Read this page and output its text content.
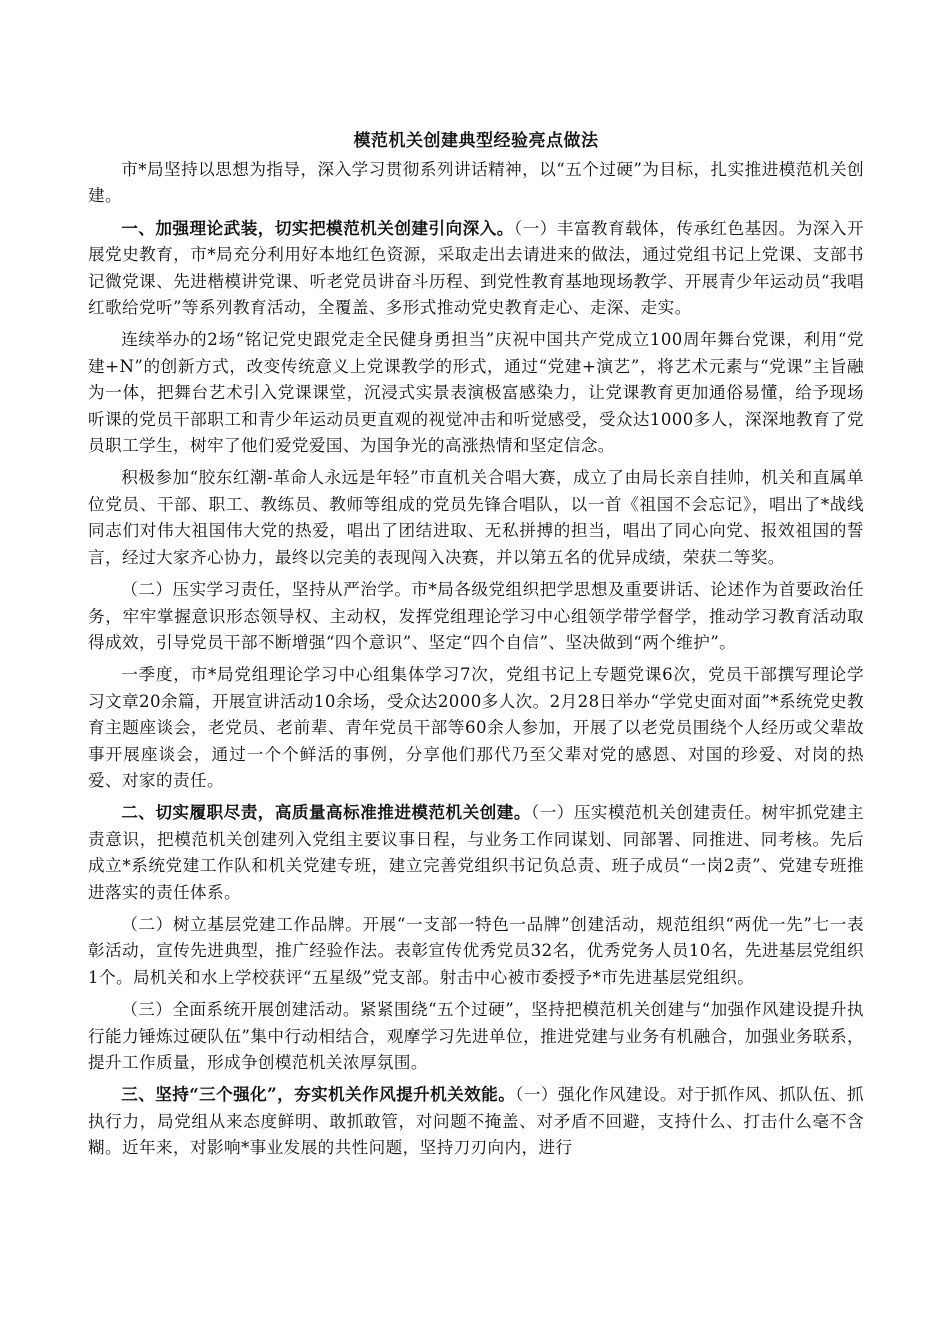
模范机关创建典型经验亮点做法

市*局坚持以思想为指导，深入学习贯彻系列讲话精神，以“五个过硬”为目标，扎实推进模范机关创建。

一、加强理论武装，切实把模范机关创建引向深入。（一）丰富教育载体，传承红色基因。为深入开展党史教育，市*局充分利用好本地红色资源，采取走出去请进来的做法，通过党组书记上党课、支部书记微党课、先进楷模讲党课、听老党员讲奋斗历程、到党性教育基地现场教学、开展青少年运动员“我唱红歌给党听”等系列教育活动，全覆盖、多形式推动党史教育走心、走深、走实。

连续举办的2场“铭记党史跟党走全民健身勇担当”庆祝中国共产党成立100周年舞台党课，利用“党建+N”的创新方式，改变传统意义上党课教学的形式，通过“党建+演艺”，将艺术元素与“党课”主旨融为一体，把舞台艺术引入党课课堂，沉浸式实景表演极富感染力，让党课教育更加通俗易懂，给予现场听课的党员干部职工和青少年运动员更直观的视觉冲击和听觉感受，受众达1000多人，深深地教育了党员职工学生，树牢了他们爱党爱国、为国争光的高涨热情和坚定信念。

积极参加“胶东红潮-革命人永远是年轻”市直机关合唱大赛，成立了由局长亲自挂帅，机关和直属单位党员、干部、职工、教练员、教师等组成的党员先锋合唱队，以一首《祖国不会忘记》，唱出了*战线同志们对伟大祖国伟大党的热爱，唱出了团结进取、无私拼搏的担当，唱出了同心向党、报效祖国的誓言，经过大家齐心协力，最终以完美的表现闯入决赛，并以第五名的优异成绩，荣获二等奖。

（二）压实学习责任，坚持从严治学。市*局各级党组织把学思想及重要讲话、论述作为首要政治任务，牢牢掌握意识形态领导权、主动权，发挥党组理论学习中心组领学带学督学，推动学习教育活动取得成效，引导党员干部不断增强“四个意识”、坚定“四个自信”、坚决做到“两个维护”。

一季度，市*局党组理论学习中心组集体学习7次，党组书记上专题党课6次，党员干部撰写理论学习文章20余篇，开展宣讲活动10余场，受众达2000多人次。2月28日举办“学党史面对面”*系统党史教育主题座谈会，老党员、老前辈、青年党员干部等60余人参加，开展了以老党员围绕个人经历或父辈故事开展座谈会，通过一个个鲜活的事例，分享他们那代乃至父辈对党的感恩、对国的珍爱、对岗的热爱、对家的责任。

二、切实履职尽责，高质量高标准推进模范机关创建。（一）压实模范机关创建责任。树牢抓党建主责意识，把模范机关创建列入党组主要议事日程，与业务工作同谋划、同部署、同推进、同考核。先后成立*系统党建工作队和机关党建专班，建立完善党组织书记负总责、班子成员“一岗2责”、党建专班推进落实的责任体系。

（二）树立基层党建工作品牌。开展“一支部一特色一品牌”创建活动，规范组织“两优一先”七一表彰活动，宣传先进典型，推广经验作法。表彰宣传优秀党员32名，优秀党务人员10名，先进基层党组织1个。局机关和水上学校获评“五星级”党支部。射击中心被市委授予*市先进基层党组织。

（三）全面系统开展创建活动。紧紧围绕“五个过硬”，坚持把模范机关创建与“加强作风建设提升执行能力锤炼过硬队伍”集中行动相结合，观摩学习先进单位，推进党建与业务有机融合，加强业务联系，提升工作质量，形成争创模范机关浓厚氛围。

三、坚持“三个强化”，夯实机关作风提升机关效能。（一）强化作风建设。对于抓作风、抓队伍、抓执行力，局党组从来态度鲜明、敢抓敢管，对问题不掩盖、对矛盾不回避，支持什么、打击什么毫不含糊。近年来，对影响*事业发展的共性问题，坚持刀刃向内，进行
